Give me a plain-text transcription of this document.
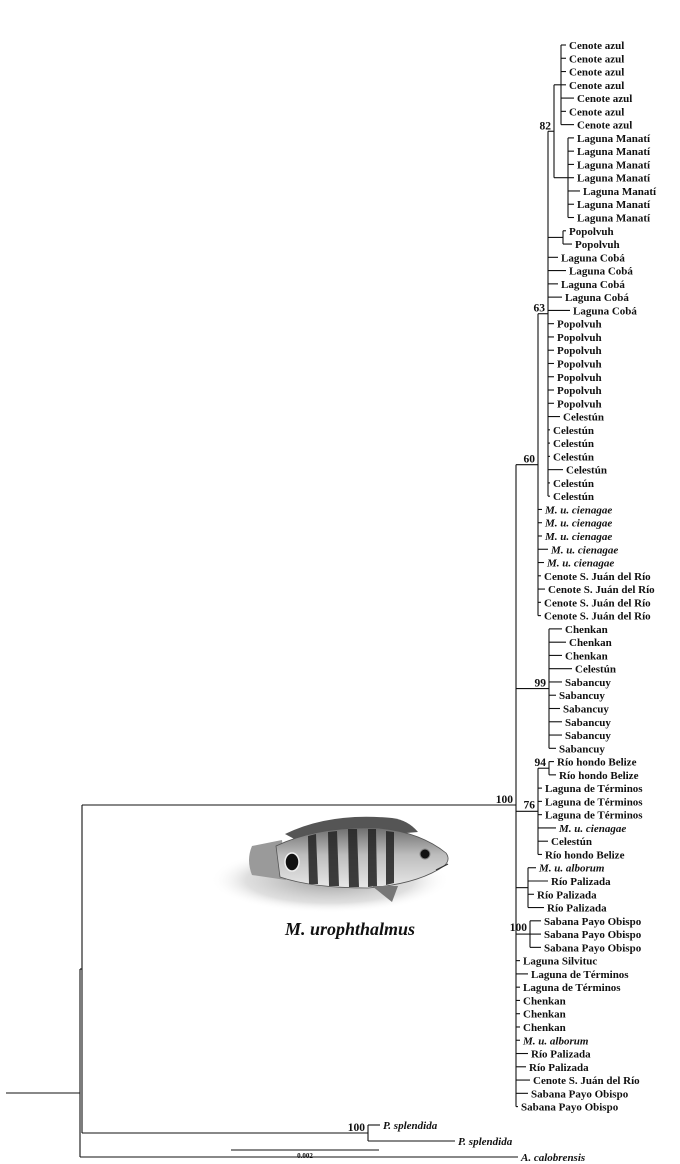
Cenote azul
Cenote azul
Cenote azul
Cenote azul
Cenote azul
Cenote azul
Cenote azul
Laguna Manatí
Laguna Manatí
Laguna Manatí
Laguna Manatí
Laguna Manatí
Laguna Manatí
Laguna Manatí
Popolvuh
Popolvuh
Laguna Cobá
Laguna Cobá
Laguna Cobá
Laguna Cobá
Laguna Cobá
Popolvuh
Popolvuh
Popolvuh
Popolvuh
Popolvuh
Popolvuh
Popolvuh
Celestún
Celestún
Celestún
Celestún
Celestún
Celestún
Celestún
M. u. cienagae
M. u. cienagae
M. u. cienagae
M. u. cienagae
M. u. cienagae
Cenote S. Juán del Río
Cenote S. Juán del Río
Cenote S. Juán del Río
Cenote S. Juán del Río
Chenkan
Chenkan
Chenkan
Celestún
Sabancuy
Sabancuy
Sabancuy
Sabancuy
Sabancuy
Sabancuy
Río hondo Belize
Río hondo Belize
Laguna de Términos
Laguna de Términos
Laguna de Términos
M. u. cienagae
Celestún
Río hondo Belize
M. u. alborum
Río Palizada
Río Palizada
Río Palizada
Sabana Payo Obispo
Sabana Payo Obispo
Sabana Payo Obispo
Laguna Silvituc
Laguna de Términos
Laguna de Términos
Chenkan
Chenkan
Chenkan
M. u. alborum
Río Palizada
Río Palizada
Cenote S. Juán del Río
Sabana Payo Obispo
Sabana Payo Obispo
P. splendida
P. splendida
A. calobrensis
82
63
60
99
94
76
100
100
100
M. urophthalmus
0.002
